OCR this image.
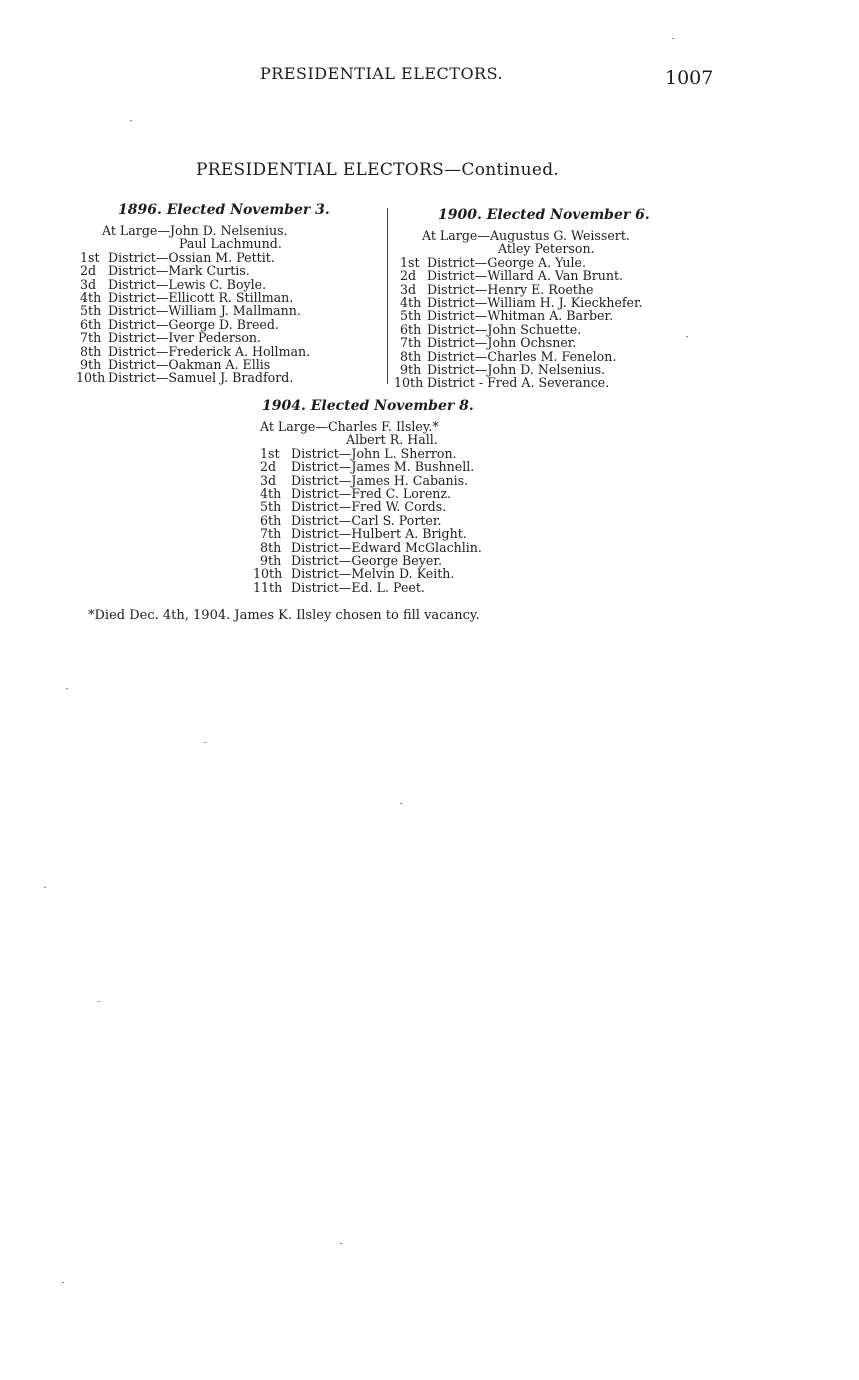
PRESIDENTIAL ELECTORS.	1007
PRESIDENTIAL ELECTORS—Continued.
1896. Elected November 3.
At Large—John D. Nelsenius.
Paul Lachmund.
1st District—Ossian M. Pettit.
2d District—Mark Curtis.
3d District—Lewis C. Boyle.
4th District—Ellicott R. Stillman.
5th District—William J. Mallmann.
6th District—George D. Breed.
7th District—Iver Pederson.
8th District—Frederick A. Hollman.
9th District—Oakman A. Ellis
10th District—Samuel J. Bradford.
1900. Elected November 6.
At Large—Augustus G. Weissert.
Atley Peterson.
1st District—George A. Yule.
2d District—Willard A. Van Brunt.
3d District—Henry E. Roethe
4th District—William H. J. Kieckhefer.
5th District—Whitman A. Barber.
6th District—John Schuette.
7th District—John Ochsner.
8th District—Charles M. Fenelon.
9th District—John D. Nelsenius.
10th District - Fred A. Severance.
1904. Elected November 8.
At Large—Charles F. Ilsley.*
Albert R. Hall.
1st District—John L. Sherron.
2d	District—James M. Bushnell.
3d	District—James H. Cabanis.
4th District—Fred C. Lorenz.
5th District—Fred W. Cords.
6th District—Carl S. Porter.
7th District—Hulbert A. Bright.
8th District—Edward McGlachlin.
9th District—George Beyer.
10th District—Melvin D. Keith.
11th District—Ed. L. Peet.
*Died Dec. 4th, 1904. James K. Ilsley chosen to fill vacancy.
